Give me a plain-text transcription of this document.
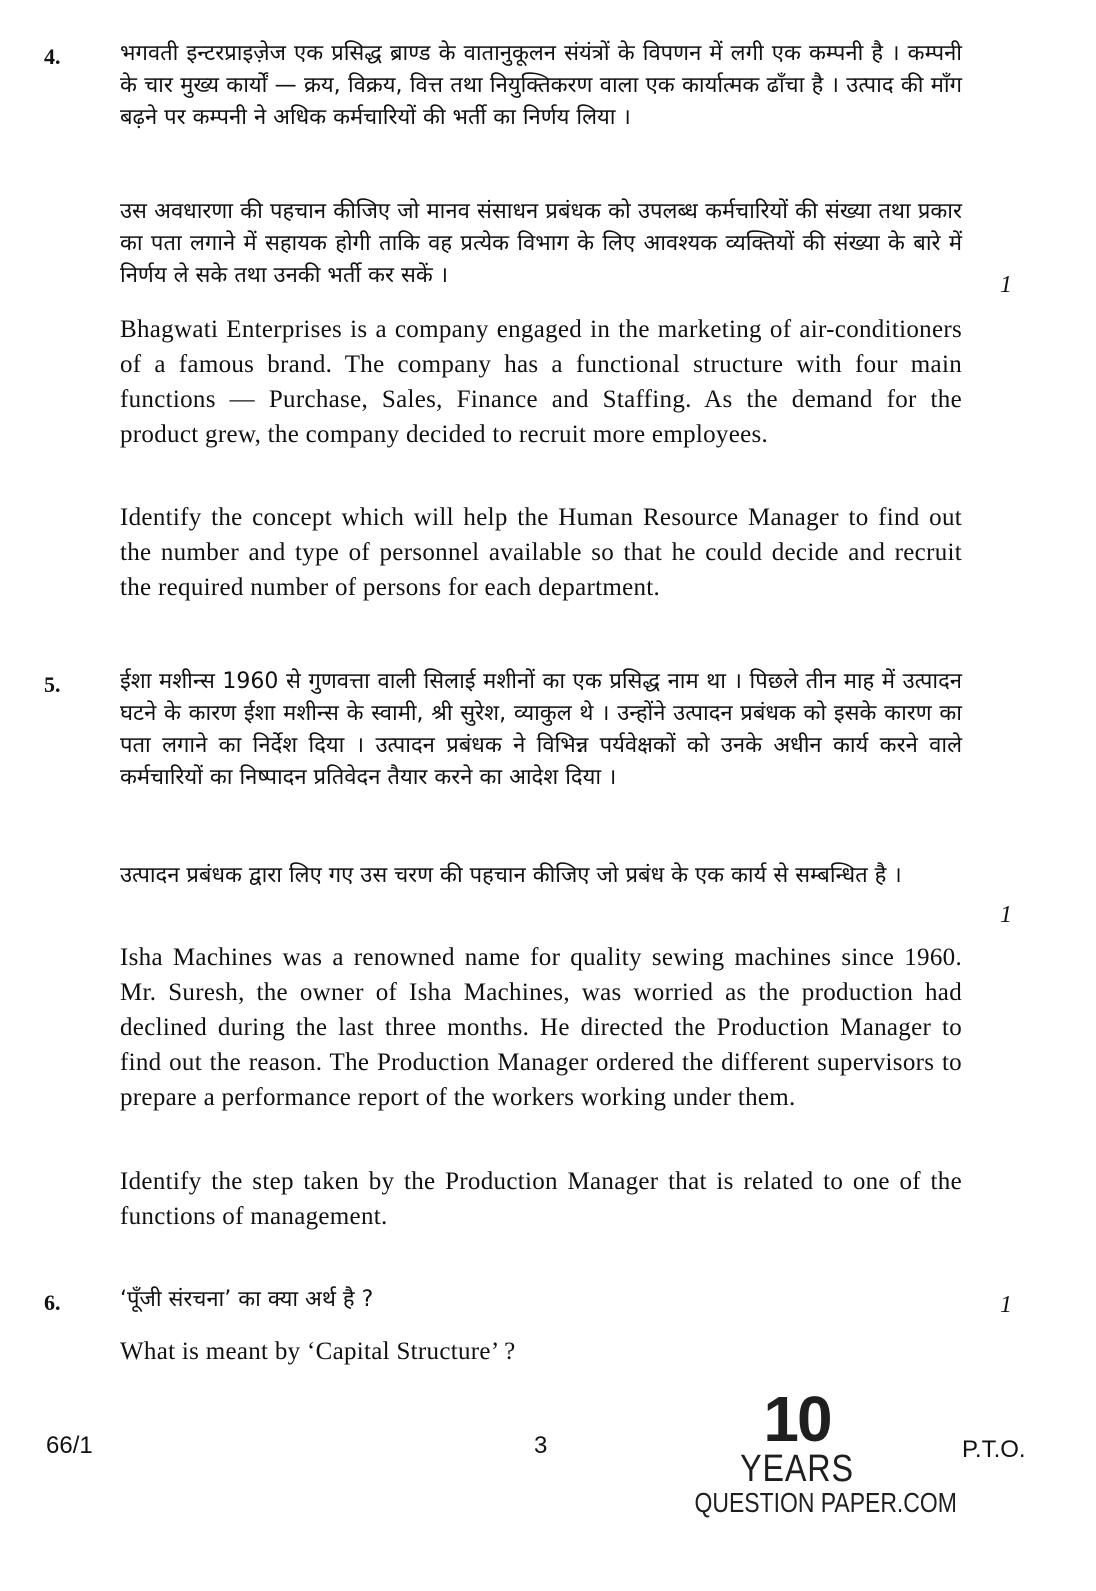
4.	भगवती इन्टरप्राइज़ेज एक प्रसिद्ध ब्राण्ड के वातानुकूलन संयंत्रों के विपणन में लगी एक कम्पनी है । कम्पनी के चार मुख्य कार्यों — क्रय, विक्रय, वित्त तथा नियुक्तिकरण वाला एक कार्यात्मक ढाँचा है । उत्पाद की माँग बढ़ने पर कम्पनी ने अधिक कर्मचारियों की भर्ती का निर्णय लिया ।

उस अवधारणा की पहचान कीजिए जो मानव संसाधन प्रबंधक को उपलब्ध कर्मचारियों की संख्या तथा प्रकार का पता लगाने में सहायक होगी ताकि वह प्रत्येक विभाग के लिए आवश्यक व्यक्तियों की संख्या के बारे में निर्णय ले सके तथा उनकी भर्ती कर सकें ।	1

Bhagwati Enterprises is a company engaged in the marketing of air-conditioners of a famous brand. The company has a functional structure with four main functions — Purchase, Sales, Finance and Staffing. As the demand for the product grew, the company decided to recruit more employees.

Identify the concept which will help the Human Resource Manager to find out the number and type of personnel available so that he could decide and recruit the required number of persons for each department.

5.	ईशा मशीन्स 1960 से गुणवत्ता वाली सिलाई मशीनों का एक प्रसिद्ध नाम था । पिछले तीन माह में उत्पादन घटने के कारण ईशा मशीन्स के स्वामी, श्री सुरेश, व्याकुल थे । उन्होंने उत्पादन प्रबंधक को इसके कारण का पता लगाने का निर्देश दिया । उत्पादन प्रबंधक ने विभिन्न पर्यवेक्षकों को उनके अधीन कार्य करने वाले कर्मचारियों का निष्पादन प्रतिवेदन तैयार करने का आदेश दिया ।

उत्पादन प्रबंधक द्वारा लिए गए उस चरण की पहचान कीजिए जो प्रबंध के एक कार्य से सम्बन्धित है ।

1

Isha Machines was a renowned name for quality sewing machines since 1960. Mr. Suresh, the owner of Isha Machines, was worried as the production had declined during the last three months. He directed the Production Manager to find out the reason. The Production Manager ordered the different supervisors to prepare a performance report of the workers working under them.

Identify the step taken by the Production Manager that is related to one of the functions of management.

6.	‘पूँजी संरचना’ का क्या अर्थ है ?	1

What is meant by ‘Capital Structure’ ?

66/1	3	P.T.O.
10
YEARS
QUESTION PAPER.COM
